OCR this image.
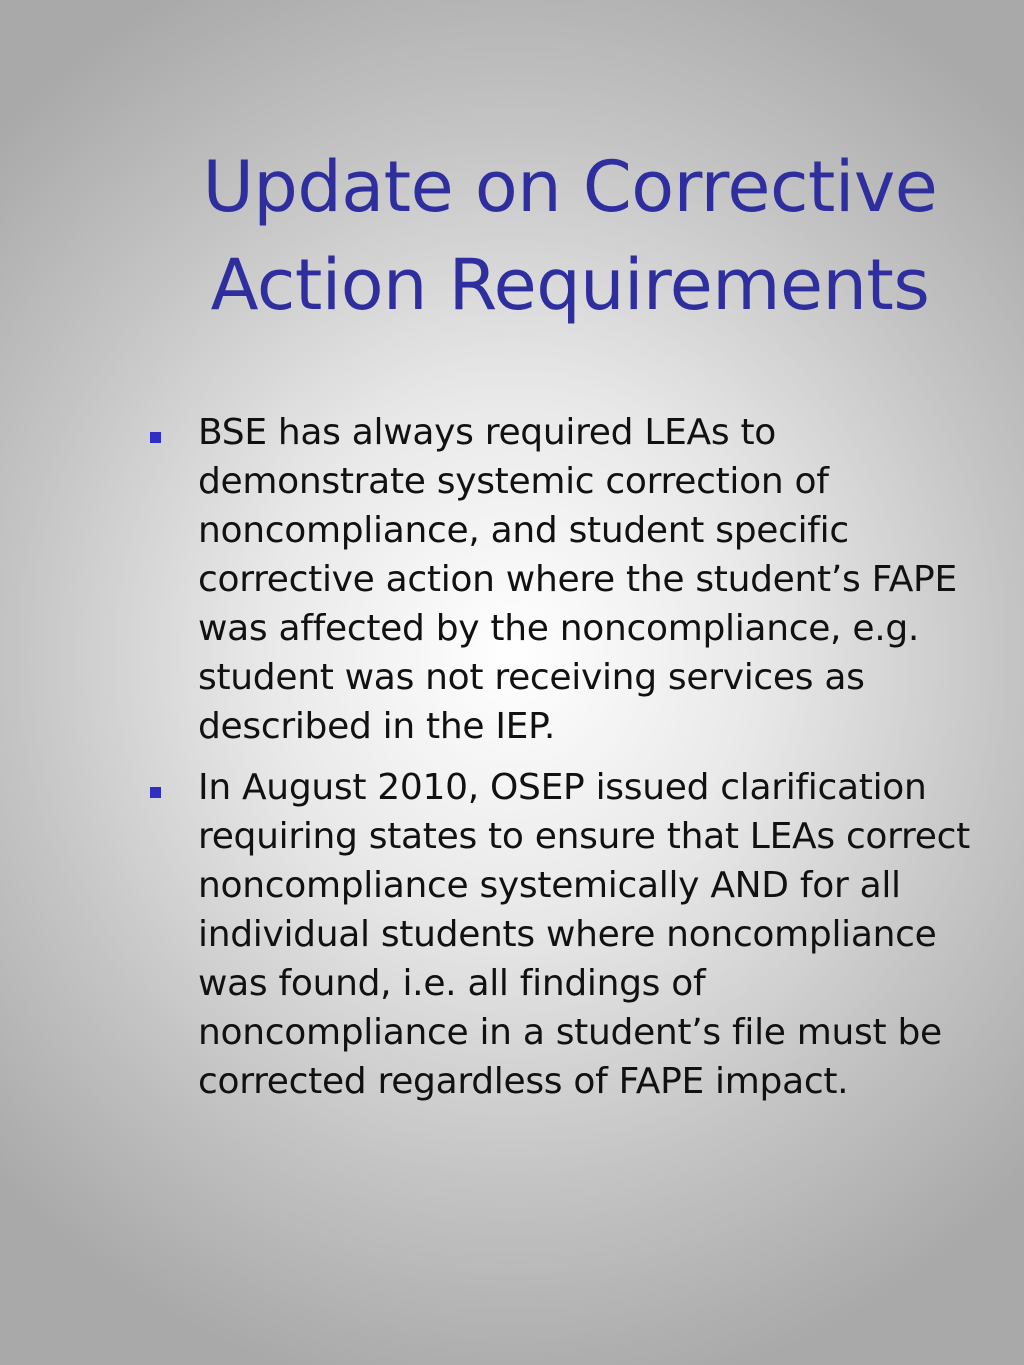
Update on Corrective Action Requirements
BSE has always required LEAs to demonstrate systemic correction of noncompliance, and student specific corrective action where the student’s FAPE was affected by the noncompliance, e.g. student was not receiving services as described in the IEP.
In August 2010, OSEP issued clarification requiring states to ensure that LEAs correct noncompliance systemically AND for all individual students where noncompliance was found, i.e. all findings of noncompliance in a student’s file must be corrected regardless of FAPE impact.
